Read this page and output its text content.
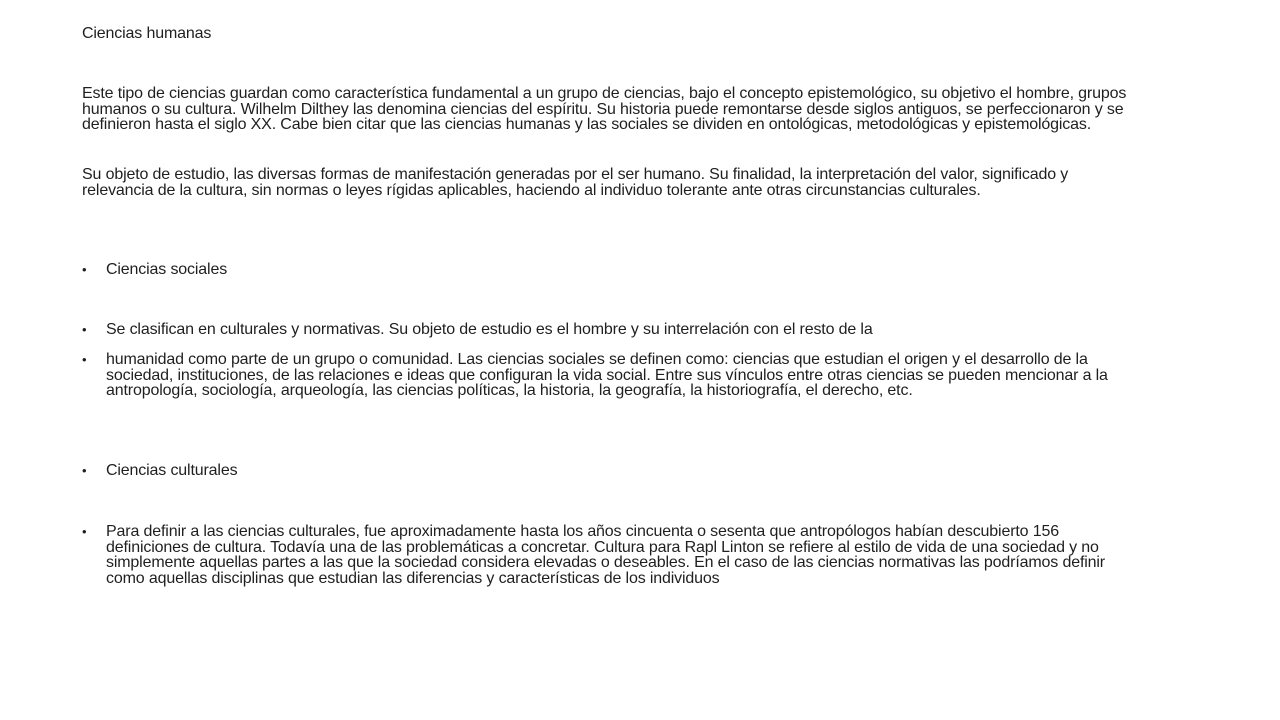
Ciencias humanas
Este tipo de ciencias guardan como característica fundamental a un grupo de ciencias, bajo el concepto epistemológico, su objetivo el hombre, grupos humanos o su cultura. Wilhelm Dilthey las denomina ciencias del espíritu. Su historia puede remontarse desde siglos antiguos, se perfeccionaron y se definieron hasta el siglo XX. Cabe bien citar que las ciencias humanas y las sociales se dividen en ontológicas, metodológicas y epistemológicas.
Su objeto de estudio, las diversas formas de manifestación generadas por el ser humano. Su finalidad, la interpretación del valor, significado y relevancia de la cultura, sin normas o leyes rígidas aplicables, haciendo al individuo tolerante ante otras circunstancias culturales.
•	Ciencias sociales
•	Se clasifican en culturales y normativas. Su objeto de estudio es el hombre y su interrelación con el resto de la
•	humanidad como parte de un grupo o comunidad. Las ciencias sociales se definen como: ciencias que estudian el origen y el desarrollo de la sociedad, instituciones, de las relaciones e ideas que configuran la vida social. Entre sus vínculos entre otras ciencias se pueden mencionar a la antropología, sociología, arqueología, las ciencias políticas, la historia, la geografía, la historiografía, el derecho, etc.
•	Ciencias culturales
•	Para definir a las ciencias culturales, fue aproximadamente hasta los años cincuenta o sesenta que antropólogos habían descubierto 156 definiciones de cultura. Todavía una de las problemáticas a concretar. Cultura para Rapl Linton se refiere al estilo de vida de una sociedad y no simplemente aquellas partes a las que la sociedad considera elevadas o deseables. En el caso de las ciencias normativas las podríamos definir como aquellas disciplinas que estudian las diferencias y características de los individuos
